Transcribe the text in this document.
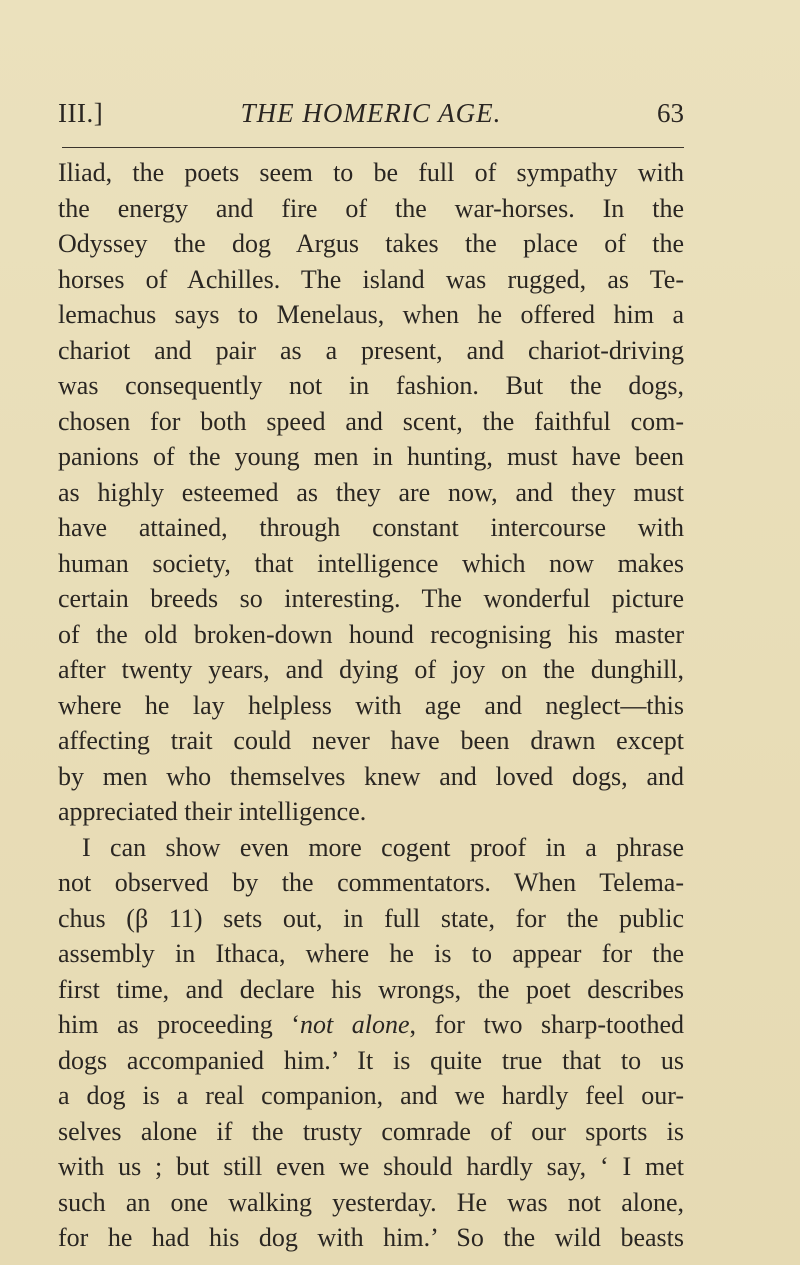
III.]	THE HOMERIC AGE.	63
Iliad, the poets seem to be full of sympathy with
the energy and fire of the war-horses. In the
Odyssey the dog Argus takes the place of the
horses of Achilles. The island was rugged, as Te-
lemachus says to Menelaus, when he offered him a
chariot and pair as a present, and chariot-driving
was consequently not in fashion. But the dogs,
chosen for both speed and scent, the faithful com-
panions of the young men in hunting, must have been
as highly esteemed as they are now, and they must
have attained, through constant intercourse with
human society, that intelligence which now makes
certain breeds so interesting. The wonderful picture
of the old broken-down hound recognising his master
after twenty years, and dying of joy on the dunghill,
where he lay helpless with age and neglect—this
affecting trait could never have been drawn except
by men who themselves knew and loved dogs, and
appreciated their intelligence.
I can show even more cogent proof in a phrase
not observed by the commentators. When Telema-
chus (β 11) sets out, in full state, for the public
assembly in Ithaca, where he is to appear for the
first time, and declare his wrongs, the poet describes
him as proceeding ‘not alone, for two sharp-toothed
dogs accompanied him.’ It is quite true that to us
a dog is a real companion, and we hardly feel our-
selves alone if the trusty comrade of our sports is
with us ; but still even we should hardly say, ‘ I met
such an one walking yesterday. He was not alone,
for he had his dog with him.’ So the wild beasts
